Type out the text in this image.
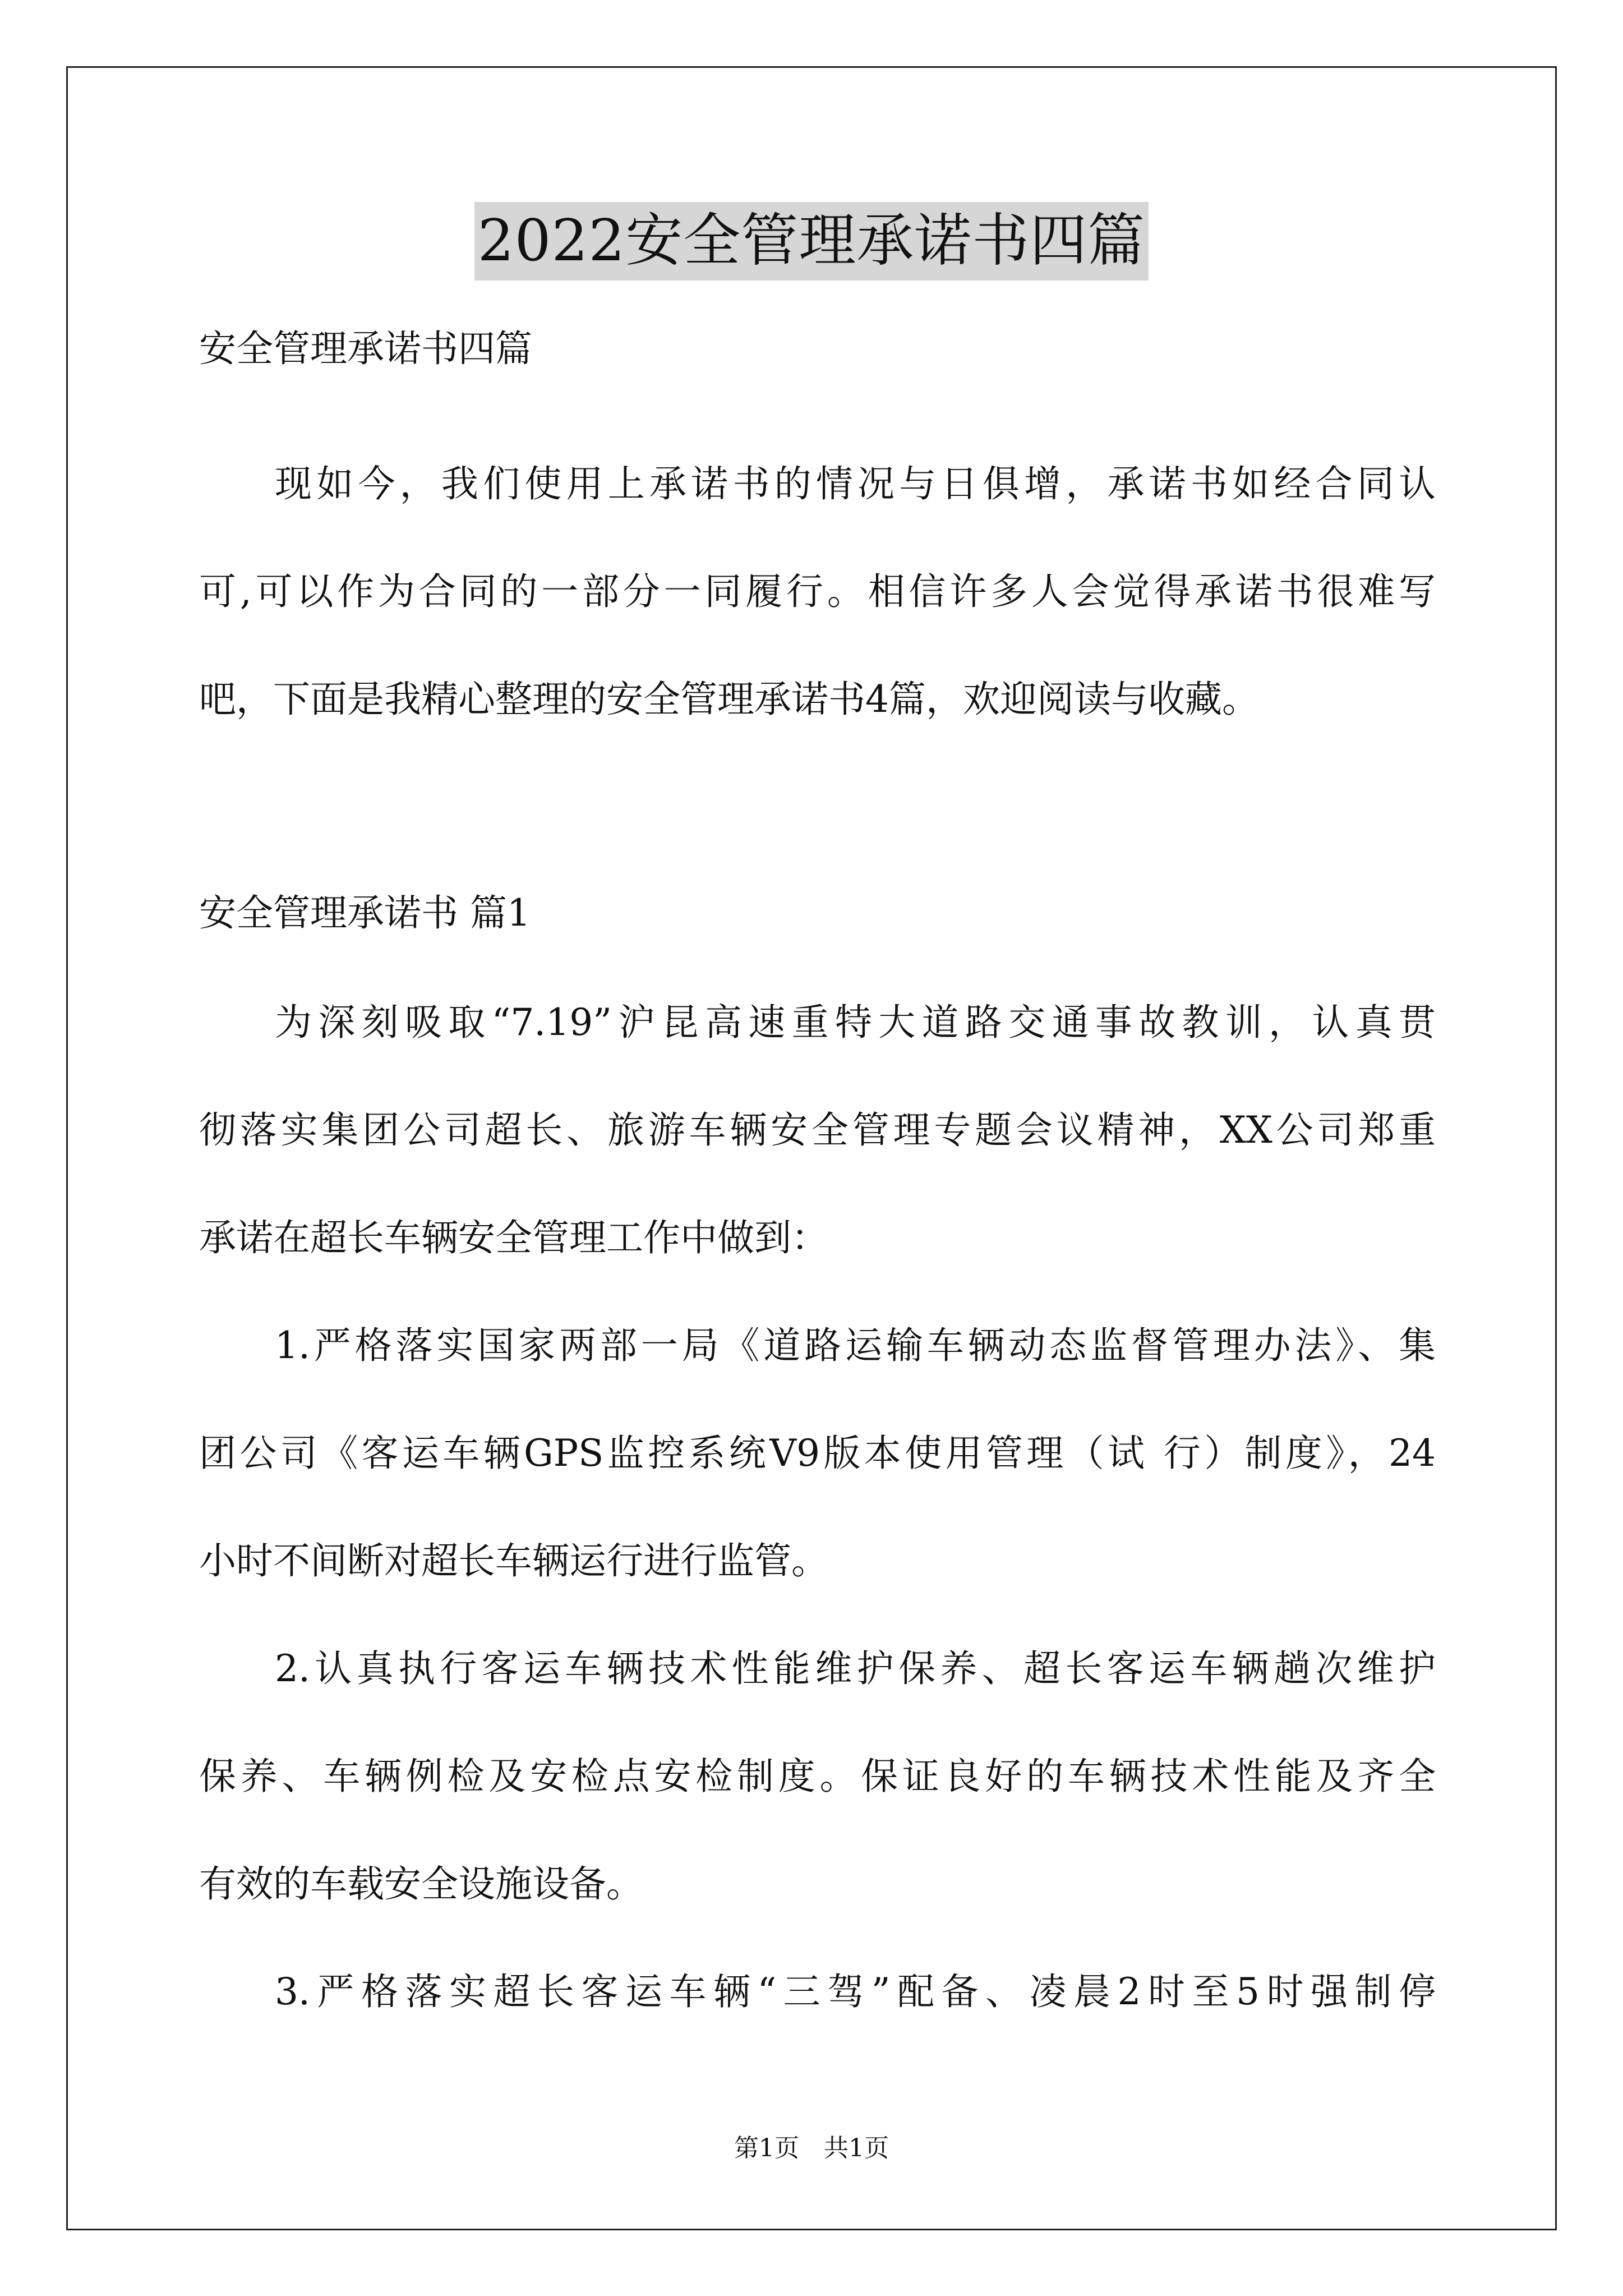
2022安全管理承诺书四篇
安全管理承诺书四篇
现如今，我们使用上承诺书的情况与日俱增，承诺书如经合同认
可,可以作为合同的一部分一同履行。相信许多人会觉得承诺书很难写
吧，下面是我精心整理的安全管理承诺书4篇，欢迎阅读与收藏。
安全管理承诺书 篇1
为深刻吸取“7.19”沪昆高速重特大道路交通事故教训，认真贯
彻落实集团公司超长、旅游车辆安全管理专题会议精神，XX公司郑重
承诺在超长车辆安全管理工作中做到：
1.严格落实国家两部一局《道路运输车辆动态监督管理办法》、集
团公司《客运车辆GPS监控系统V9版本使用管理（试 行）制度》，24
小时不间断对超长车辆运行进行监管。
2.认真执行客运车辆技术性能维护保养、超长客运车辆趟次维护
保养、车辆例检及安检点安检制度。保证良好的车辆技术性能及齐全
有效的车载安全设施设备。
3.严格落实超长客运车辆“三驾”配备、凌晨2时至5时强制停
第1页 共1页
